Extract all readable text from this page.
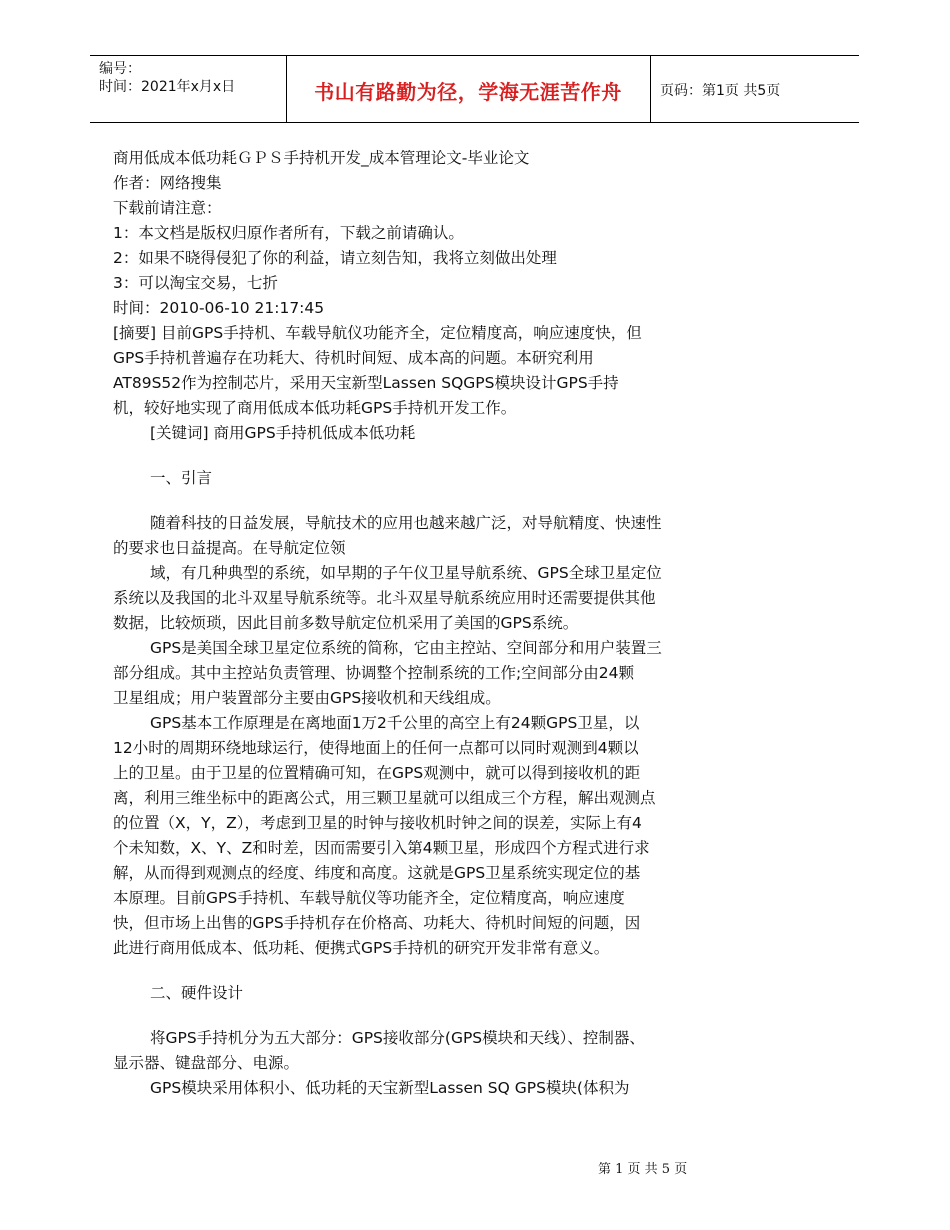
编号：
时间：2021年x月x日	书山有路勤为径，学海无涯苦作舟	页码：第1页 共5页

商用低成本低功耗ＧＰＳ手持机开发_成本管理论文-毕业论文

作者：网络搜集

下载前请注意：

1：本文档是版权归原作者所有，下载之前请确认。

2：如果不晓得侵犯了你的利益，请立刻告知，我将立刻做出处理

3：可以淘宝交易，七折

时间：2010-06-10 21:17:45

[摘要] 目前GPS手持机、车载导航仪功能齐全，定位精度高，响应速度快，但

GPS手持机普遍存在功耗大、待机时间短、成本高的问题。本研究利用

AT89S52作为控制芯片，采用天宝新型Lassen SQGPS模块设计GPS手持

机，较好地实现了商用低成本低功耗GPS手持机开发工作。

[关键词] 商用GPS手持机低成本低功耗

一、引言

随着科技的日益发展，导航技术的应用也越来越广泛，对导航精度、快速性

的要求也日益提高。在导航定位领

域，有几种典型的系统，如早期的子午仪卫星导航系统、GPS全球卫星定位

系统以及我国的北斗双星导航系统等。北斗双星导航系统应用时还需要提供其他

数据，比较烦琐，因此目前多数导航定位机采用了美国的GPS系统。

GPS是美国全球卫星定位系统的简称，它由主控站、空间部分和用户装置三

部分组成。其中主控站负责管理、协调整个控制系统的工作;空间部分由24颗

卫星组成；用户装置部分主要由GPS接收机和天线组成。

GPS基本工作原理是在离地面1万2千公里的高空上有24颗GPS卫星，以

12小时的周期环绕地球运行，使得地面上的任何一点都可以同时观测到4颗以

上的卫星。由于卫星的位置精确可知，在GPS观测中，就可以得到接收机的距

离，利用三维坐标中的距离公式，用三颗卫星就可以组成三个方程，解出观测点

的位置（X，Y，Z），考虑到卫星的时钟与接收机时钟之间的误差，实际上有4

个未知数，X、Y、Z和时差，因而需要引入第4颗卫星，形成四个方程式进行求

解，从而得到观测点的经度、纬度和高度。这就是GPS卫星系统实现定位的基

本原理。目前GPS手持机、车载导航仪等功能齐全，定位精度高，响应速度

快，但市场上出售的GPS手持机存在价格高、功耗大、待机时间短的问题，因

此进行商用低成本、低功耗、便携式GPS手持机的研究开发非常有意义。

二、硬件设计

将GPS手持机分为五大部分：GPS接收部分(GPS模块和天线）、控制器、

显示器、键盘部分、电源。

GPS模块采用体积小、低功耗的天宝新型Lassen SQ GPS模块(体积为

第 1 页 共 5 页
